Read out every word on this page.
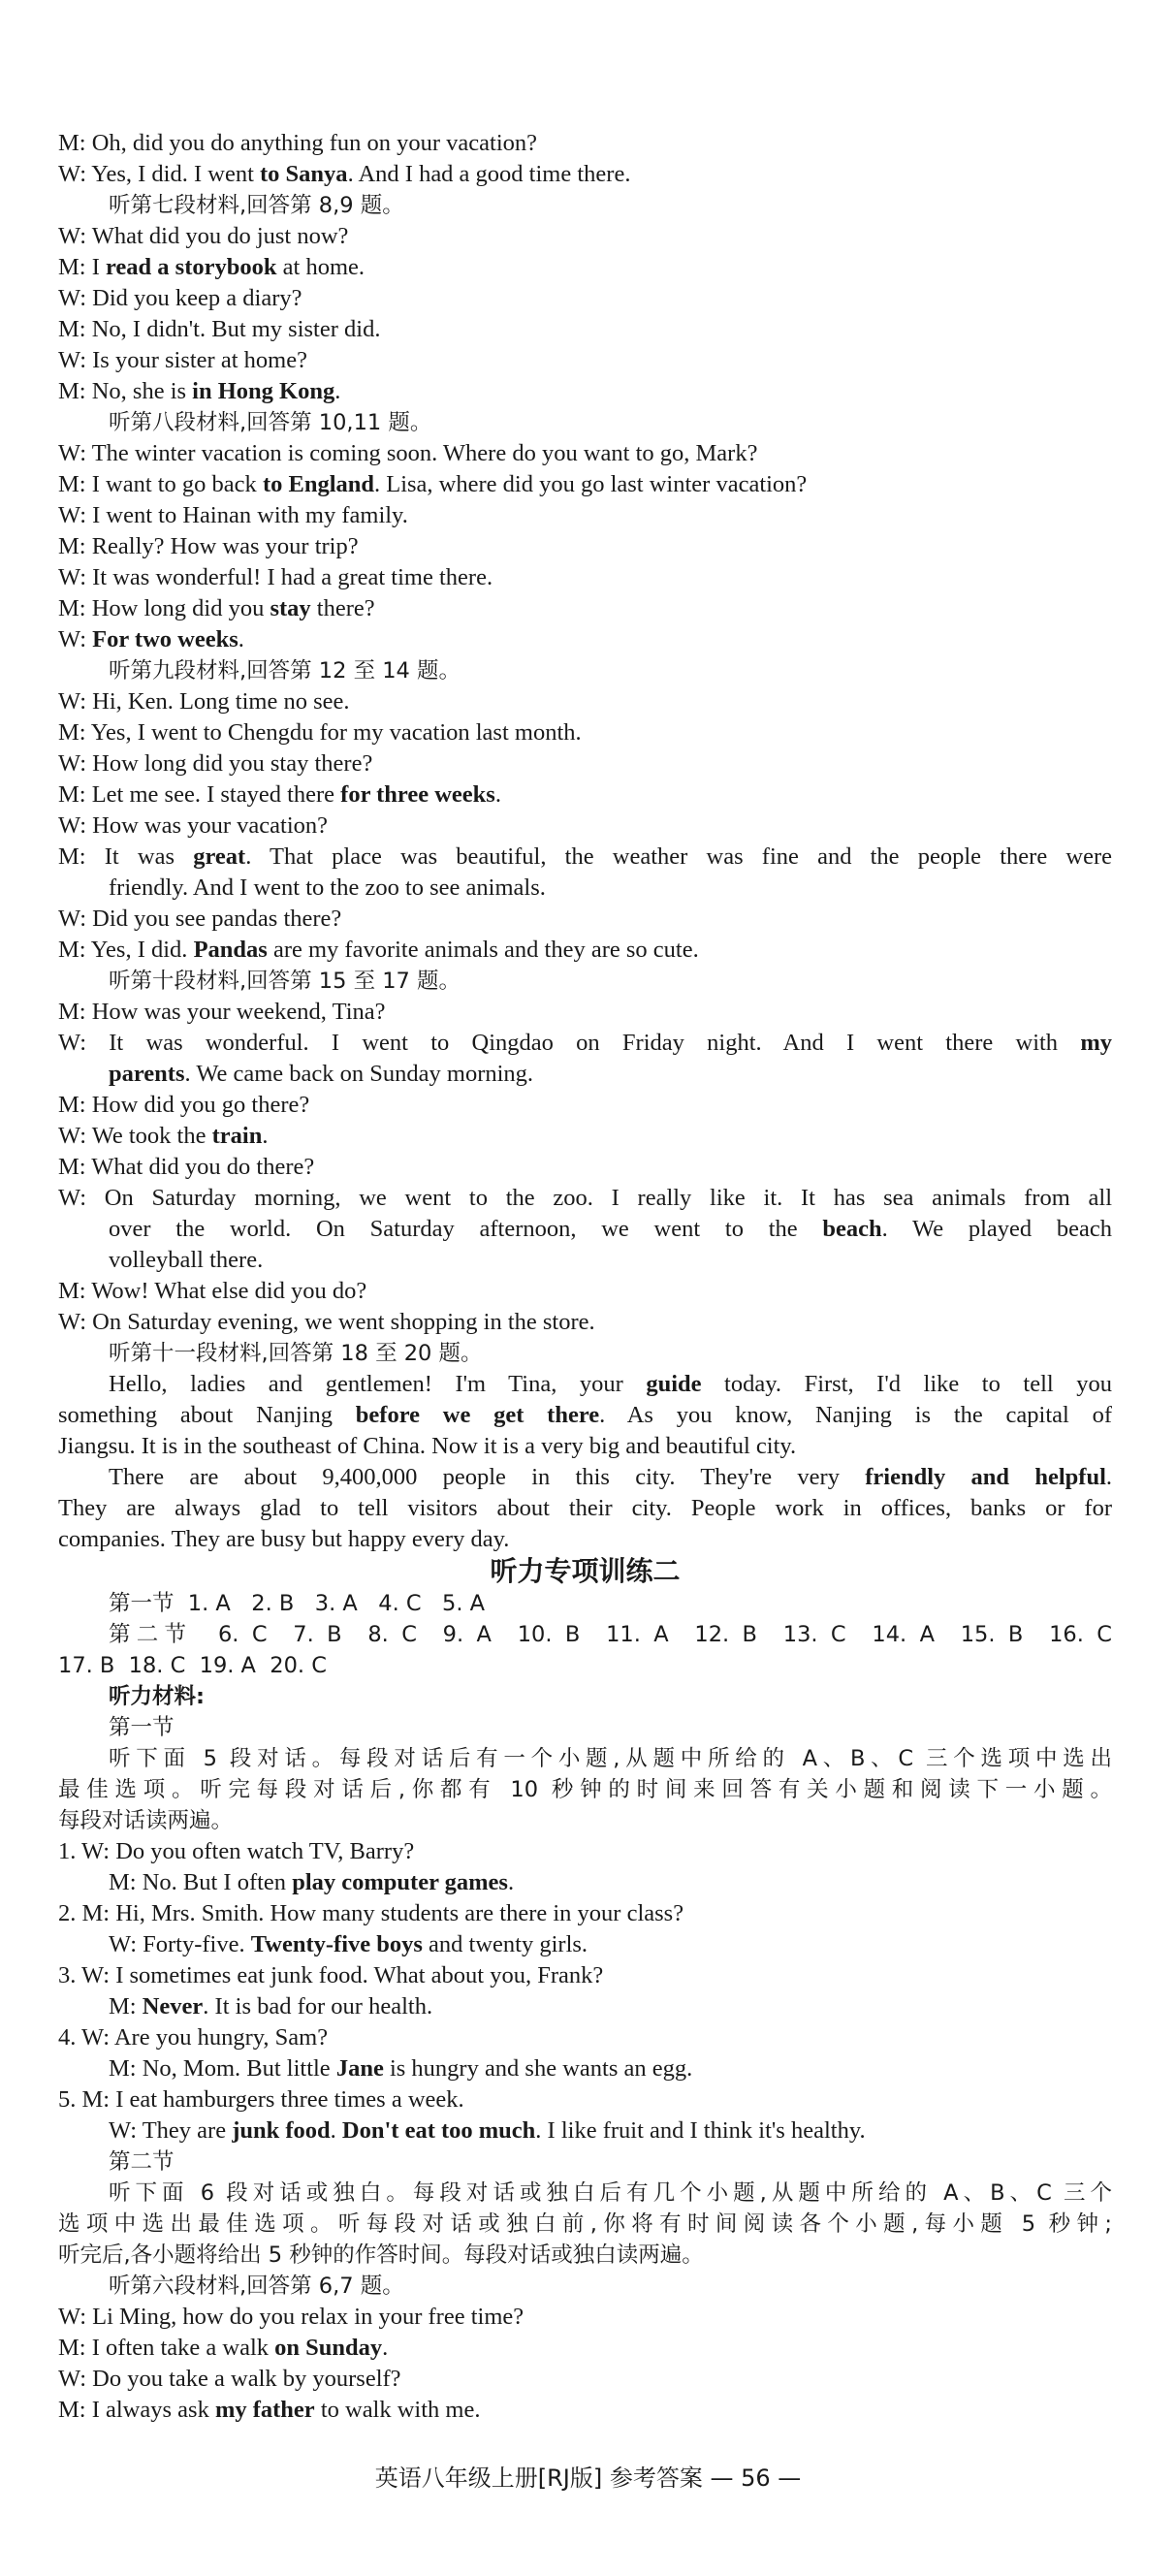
M: Oh, did you do anything fun on your vacation?
W: Yes, I did. I went to Sanya. And I had a good time there.
听第七段材料,回答第 8,9 题。
W: What did you do just now?
M: I read a storybook at home.
W: Did you keep a diary?
M: No, I didn't. But my sister did.
W: Is your sister at home?
M: No, she is in Hong Kong.
听第八段材料,回答第 10,11 题。
W: The winter vacation is coming soon. Where do you want to go, Mark?
M: I want to go back to England. Lisa, where did you go last winter vacation?
W: I went to Hainan with my family.
M: Really? How was your trip?
W: It was wonderful! I had a great time there.
M: How long did you stay there?
W: For two weeks.
听第九段材料,回答第 12 至 14 题。
W: Hi, Ken. Long time no see.
M: Yes, I went to Chengdu for my vacation last month.
W: How long did you stay there?
M: Let me see. I stayed there for three weeks.
W: How was your vacation?
M: It was great. That place was beautiful, the weather was fine and the people there were
friendly. And I went to the zoo to see animals.
W: Did you see pandas there?
M: Yes, I did. Pandas are my favorite animals and they are so cute.
听第十段材料,回答第 15 至 17 题。
M: How was your weekend, Tina?
W: It was wonderful. I went to Qingdao on Friday night. And I went there with my
parents. We came back on Sunday morning.
M: How did you go there?
W: We took the train.
M: What did you do there?
W: On Saturday morning, we went to the zoo. I really like it. It has sea animals from all
over the world. On Saturday afternoon, we went to the beach. We played beach
volleyball there.
M: Wow! What else did you do?
W: On Saturday evening, we went shopping in the store.
听第十一段材料,回答第 18 至 20 题。
Hello, ladies and gentlemen! I'm Tina, your guide today. First, I'd like to tell you
something about Nanjing before we get there. As you know, Nanjing is the capital of
Jiangsu. It is in the southeast of China. Now it is a very big and beautiful city.
There are about 9,400,000 people in this city. They're very friendly and helpful.
They are always glad to tell visitors about their city. People work in offices, banks or for
companies. They are busy but happy every day.
听力专项训练二
第一节  1. A   2. B   3. A   4. C   5. A
第二节  6. C  7. B  8. C  9. A  10. B  11. A  12. B  13. C  14. A  15. B  16. C
17. B  18. C  19. A  20. C
听力材料:
第一节
听下面 5 段对话。每段对话后有一个小题,从题中所给的 A、B、C 三个选项中选出
最佳选项。听完每段对话后,你都有 10 秒钟的时间来回答有关小题和阅读下一小题。
每段对话读两遍。
1. W: Do you often watch TV, Barry?
M: No. But I often play computer games.
2. M: Hi, Mrs. Smith. How many students are there in your class?
W: Forty-five. Twenty-five boys and twenty girls.
3. W: I sometimes eat junk food. What about you, Frank?
M: Never. It is bad for our health.
4. W: Are you hungry, Sam?
M: No, Mom. But little Jane is hungry and she wants an egg.
5. M: I eat hamburgers three times a week.
W: They are junk food. Don't eat too much. I like fruit and I think it's healthy.
第二节
听下面 6 段对话或独白。每段对话或独白后有几个小题,从题中所给的 A、B、C 三个
选项中选出最佳选项。听每段对话或独白前,你将有时间阅读各个小题,每小题 5 秒钟;
听完后,各小题将给出 5 秒钟的作答时间。每段对话或独白读两遍。
听第六段材料,回答第 6,7 题。
W: Li Ming, how do you relax in your free time?
M: I often take a walk on Sunday.
W: Do you take a walk by yourself?
M: I always ask my father to walk with me.
英语八年级上册[RJ版] 参考答案 — 56 —
